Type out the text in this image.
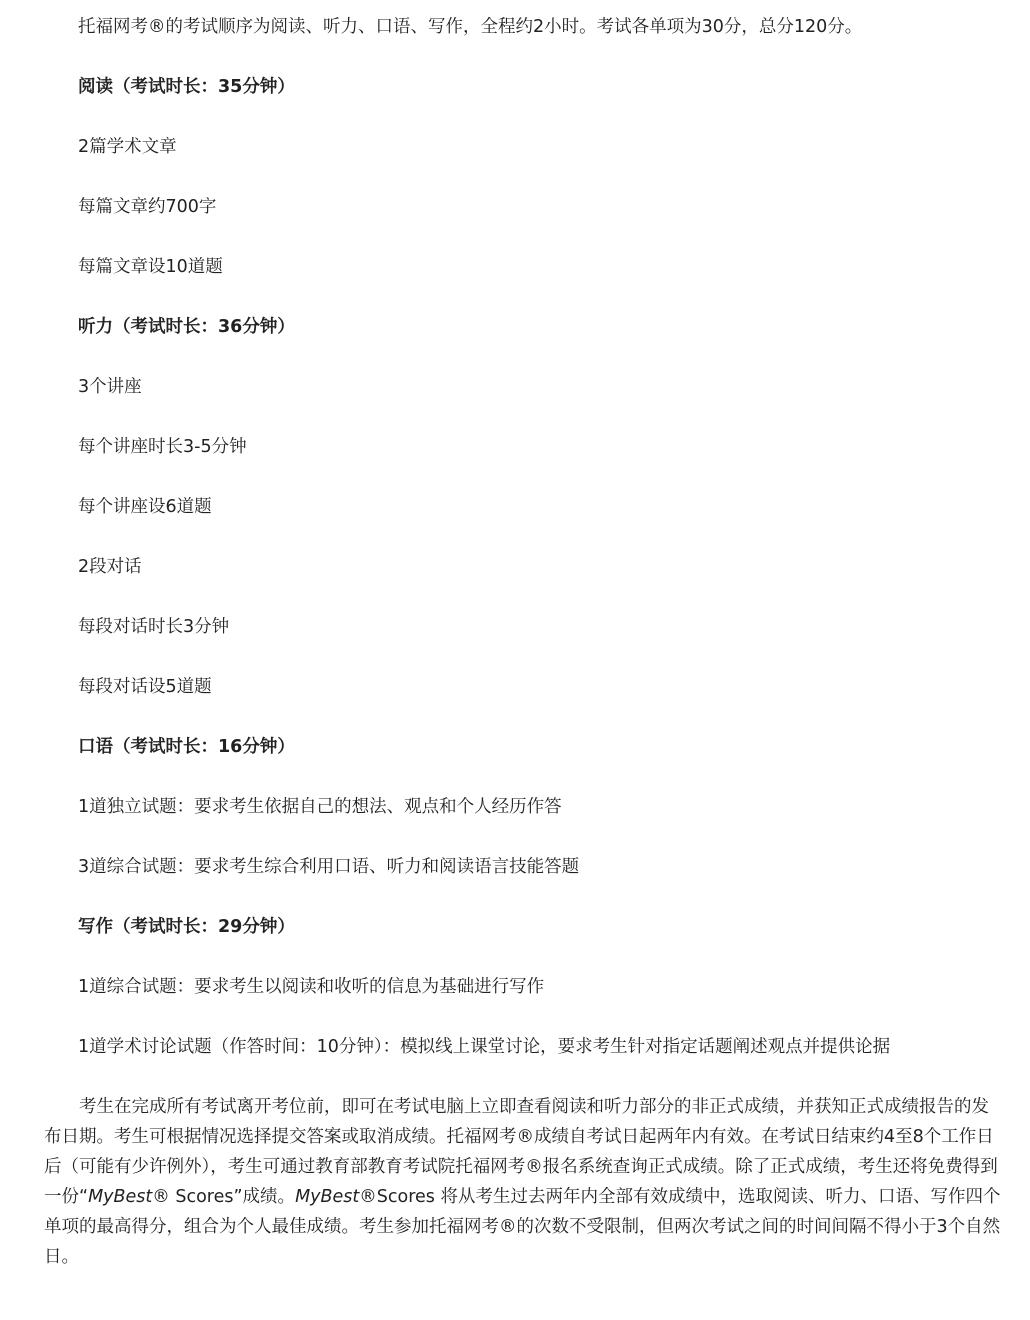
托福网考®的考试顺序为阅读、听力、口语、写作，全程约2小时。考试各单项为30分，总分120分。

阅读（考试时长：35分钟）

2篇学术文章

每篇文章约700字

每篇文章设10道题

听力（考试时长：36分钟）

3个讲座

每个讲座时长3-5分钟

每个讲座设6道题

2段对话

每段对话时长3分钟

每段对话设5道题

口语（考试时长：16分钟）

1道独立试题：要求考生依据自己的想法、观点和个人经历作答

3道综合试题：要求考生综合利用口语、听力和阅读语言技能答题

写作（考试时长：29分钟）

1道综合试题：要求考生以阅读和收听的信息为基础进行写作

1道学术讨论试题（作答时间：10分钟）：模拟线上课堂讨论，要求考生针对指定话题阐述观点并提供论据

考生在完成所有考试离开考位前，即可在考试电脑上立即查看阅读和听力部分的非正式成绩，并获知正式成绩报告的发布日期。考生可根据情况选择提交答案或取消成绩。托福网考®成绩自考试日起两年内有效。在考试日结束约4至8个工作日后（可能有少许例外），考生可通过教育部教育考试院托福网考®报名系统查询正式成绩。除了正式成绩，考生还将免费得到一份“MyBest® Scores”成绩。MyBest®Scores 将从考生过去两年内全部有效成绩中，选取阅读、听力、口语、写作四个单项的最高得分，组合为个人最佳成绩。考生参加托福网考®的次数不受限制，但两次考试之间的时间间隔不得小于3个自然日。
